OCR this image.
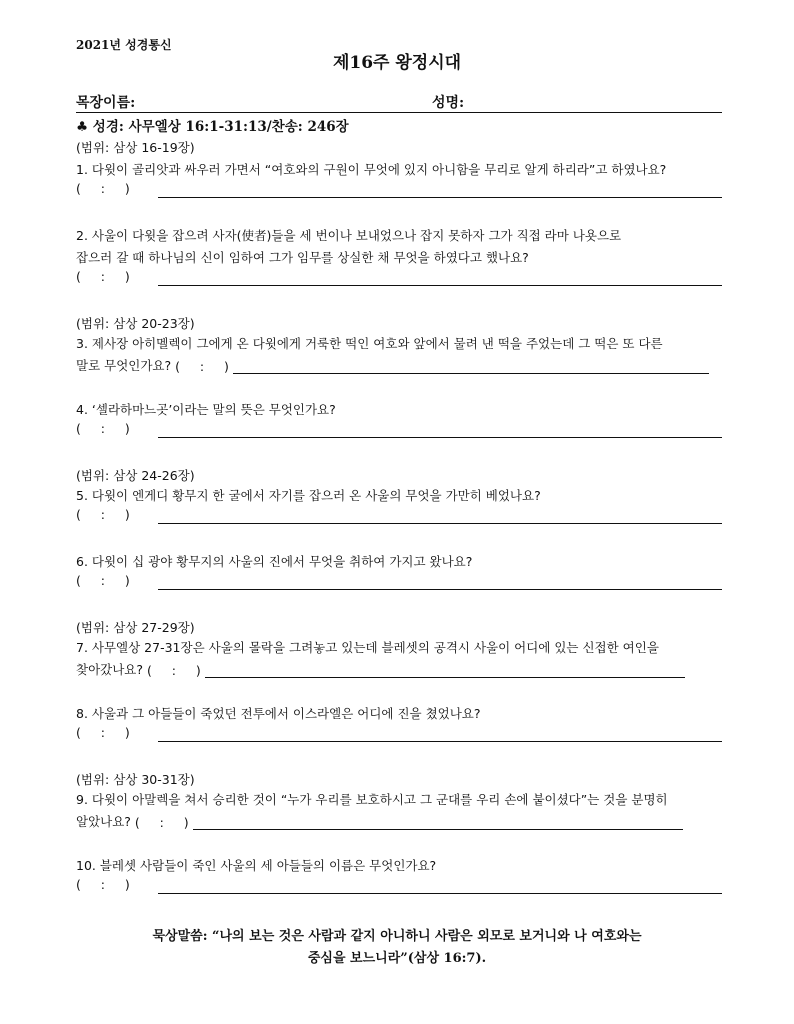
2021년 성경통신
제16주 왕정시대
목장이름:	성명:
♣ 성경: 사무엘상 16:1-31:13/찬송: 246장
(범위: 삼상 16-19장)
1. 다윗이 골리앗과 싸우러 가면서 “여호와의 구원이 무엇에 있지 아니함을 무리로 알게 하리라”고 하였나요?
(     :     )
2. 사울이 다윗을 잡으려 사자(使者)들을 세 번이나 보내었으나 잡지 못하자 그가 직접 라마 나욧으로
잡으러 갈 때 하나님의 신이 임하여 그가 임무를 상실한 채 무엇을 하였다고 했나요?
(     :     )
(범위: 삼상 20-23장)
3. 제사장 아히멜렉이 그에게 온 다윗에게 거룩한 떡인 여호와 앞에서 물려 낸 떡을 주었는데 그 떡은 또 다른
말로 무엇인가요? (     :     )
4. ‘셀라하마느곳’이라는 말의 뜻은 무엇인가요?
(     :     )
(범위: 삼상 24-26장)
5. 다윗이 엔게디 황무지 한 굴에서 자기를 잡으러 온 사울의 무엇을 가만히 베었나요?
(     :     )
6. 다윗이 십 광야 황무지의 사울의 진에서 무엇을 취하여 가지고 왔나요?
(     :     )
(범위: 삼상 27-29장)
7. 사무엘상 27-31장은 사울의 몰락을 그려놓고 있는데 블레셋의 공격시 사울이 어디에 있는 신접한 여인을
찾아갔나요? (     :     )
8. 사울과 그 아들들이 죽었던 전투에서 이스라엘은 어디에 진을 쳤었나요?
(     :     )
(범위: 삼상 30-31장)
9. 다윗이 아말렉을 쳐서 승리한 것이 “누가 우리를 보호하시고 그 군대를 우리 손에 붙이셨다”는 것을 분명히
알았나요? (     :     )
10. 블레셋 사람들이 죽인 사울의 세 아들들의 이름은 무엇인가요?
(     :     )
묵상말씀: “나의 보는 것은 사람과 같지 아니하니 사람은 외모로 보거니와 나 여호와는
중심을 보느니라”(삼상 16:7).
